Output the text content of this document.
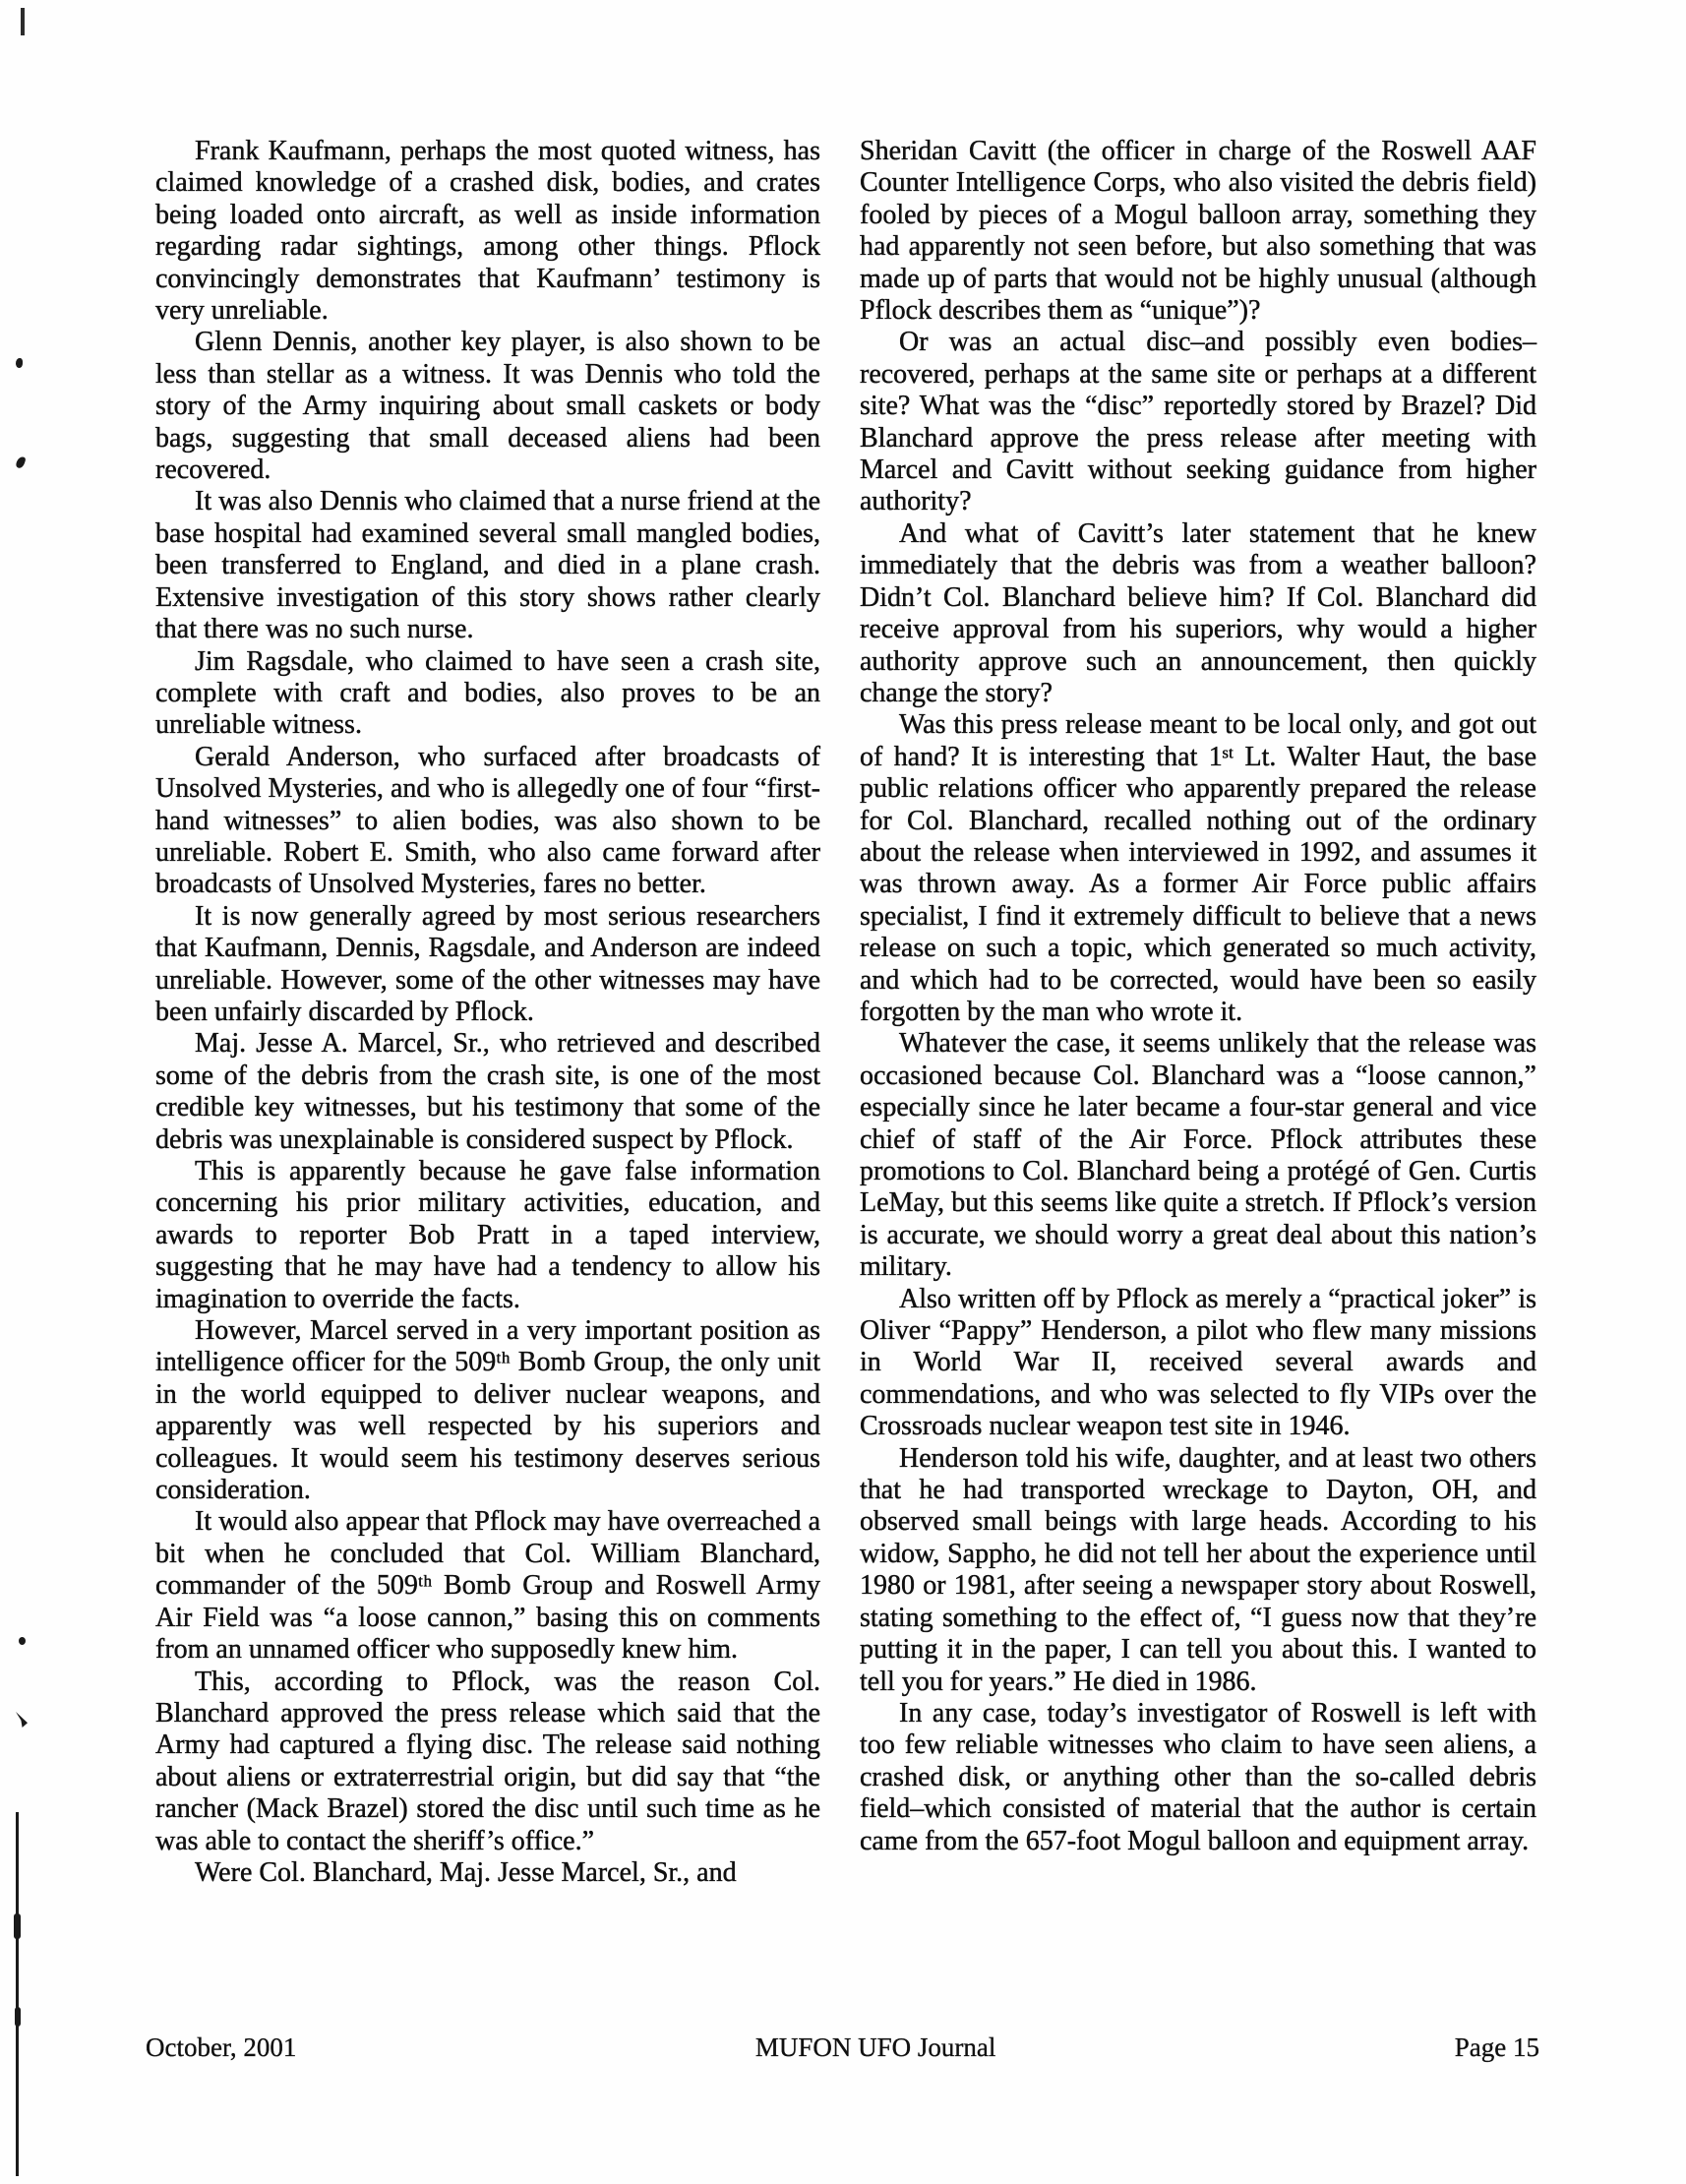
Frank Kaufmann, perhaps the most quoted witness, has claimed knowledge of a crashed disk, bodies, and crates being loaded onto aircraft, as well as inside information regarding radar sightings, among other things. Pflock convincingly demonstrates that Kaufmann’ testimony is very unreliable.

Glenn Dennis, another key player, is also shown to be less than stellar as a witness. It was Dennis who told the story of the Army inquiring about small caskets or body bags, suggesting that small deceased aliens had been recovered.

It was also Dennis who claimed that a nurse friend at the base hospital had examined several small mangled bodies, been transferred to England, and died in a plane crash. Extensive investigation of this story shows rather clearly that there was no such nurse.

Jim Ragsdale, who claimed to have seen a crash site, complete with craft and bodies, also proves to be an unreliable witness.

Gerald Anderson, who surfaced after broadcasts of Unsolved Mysteries, and who is allegedly one of four “first-hand witnesses” to alien bodies, was also shown to be unreliable. Robert E. Smith, who also came forward after broadcasts of Unsolved Mysteries, fares no better.

It is now generally agreed by most serious researchers that Kaufmann, Dennis, Ragsdale, and Anderson are indeed unreliable. However, some of the other witnesses may have been unfairly discarded by Pflock.

Maj. Jesse A. Marcel, Sr., who retrieved and described some of the debris from the crash site, is one of the most credible key witnesses, but his testimony that some of the debris was unexplainable is considered suspect by Pflock.

This is apparently because he gave false information concerning his prior military activities, education, and awards to reporter Bob Pratt in a taped interview, suggesting that he may have had a tendency to allow his imagination to override the facts.

However, Marcel served in a very important position as intelligence officer for the 509ᵗʰ Bomb Group, the only unit in the world equipped to deliver nuclear weapons, and apparently was well respected by his superiors and colleagues. It would seem his testimony deserves serious consideration.

It would also appear that Pflock may have overreached a bit when he concluded that Col. William Blanchard, commander of the 509ᵗʰ Bomb Group and Roswell Army Air Field was “a loose cannon,” basing this on comments from an unnamed officer who supposedly knew him.

This, according to Pflock, was the reason Col. Blanchard approved the press release which said that the Army had captured a flying disc. The release said nothing about aliens or extraterrestrial origin, but did say that “the rancher (Mack Brazel) stored the disc until such time as he was able to contact the sheriff’s office.”

Were Col. Blanchard, Maj. Jesse Marcel, Sr., and

Sheridan Cavitt (the officer in charge of the Roswell AAF Counter Intelligence Corps, who also visited the debris field) fooled by pieces of a Mogul balloon array, something they had apparently not seen before, but also something that was made up of parts that would not be highly unusual (although Pflock describes them as “unique”)?

Or was an actual disc–and possibly even bodies–recovered, perhaps at the same site or perhaps at a different site? What was the “disc” reportedly stored by Brazel? Did Blanchard approve the press release after meeting with Marcel and Cavitt without seeking guidance from higher authority?

And what of Cavitt’s later statement that he knew immediately that the debris was from a weather balloon? Didn’t Col. Blanchard believe him? If Col. Blanchard did receive approval from his superiors, why would a higher authority approve such an announcement, then quickly change the story?

Was this press release meant to be local only, and got out of hand? It is interesting that 1ˢᵗ Lt. Walter Haut, the base public relations officer who apparently prepared the release for Col. Blanchard, recalled nothing out of the ordinary about the release when interviewed in 1992, and assumes it was thrown away. As a former Air Force public affairs specialist, I find it extremely difficult to believe that a news release on such a topic, which generated so much activity, and which had to be corrected, would have been so easily forgotten by the man who wrote it.

Whatever the case, it seems unlikely that the release was occasioned because Col. Blanchard was a “loose cannon,” especially since he later became a four-star general and vice chief of staff of the Air Force. Pflock attributes these promotions to Col. Blanchard being a protégé of Gen. Curtis LeMay, but this seems like quite a stretch. If Pflock’s version is accurate, we should worry a great deal about this nation’s military.

Also written off by Pflock as merely a “practical joker” is Oliver “Pappy” Henderson, a pilot who flew many missions in World War II, received several awards and commendations, and who was selected to fly VIPs over the Crossroads nuclear weapon test site in 1946.

Henderson told his wife, daughter, and at least two others that he had transported wreckage to Dayton, OH, and observed small beings with large heads. According to his widow, Sappho, he did not tell her about the experience until 1980 or 1981, after seeing a newspaper story about Roswell, stating something to the effect of, “I guess now that they’re putting it in the paper, I can tell you about this. I wanted to tell you for years.” He died in 1986.

In any case, today’s investigator of Roswell is left with too few reliable witnesses who claim to have seen aliens, a crashed disk, or anything other than the so-called debris field–which consisted of material that the author is certain came from the 657-foot Mogul balloon and equipment array.

October, 2001	MUFON UFO Journal	Page 15
